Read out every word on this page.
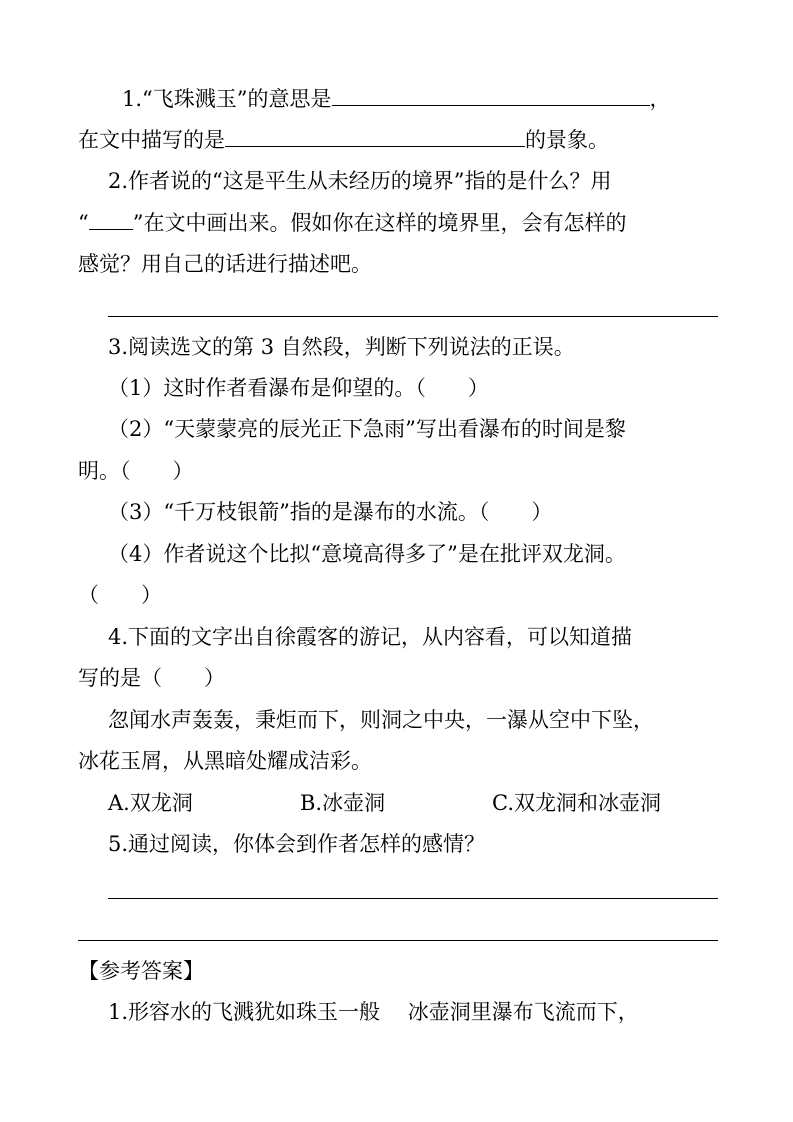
1.“飞珠溅玉”的意思是	，
在文中描写的是	的景象。
2.作者说的“这是平生从未经历的境界”指的是什么？用
“ ”在文中画出来。假如你在这样的境界里，会有怎样的
感觉？用自己的话进行描述吧。
3.阅读选文的第 3 自然段，判断下列说法的正误。
（1）这时作者看瀑布是仰望的。（　　）
（2）“天蒙蒙亮的辰光正下急雨”写出看瀑布的时间是黎
明。（　　）
（3）“千万枝银箭”指的是瀑布的水流。（　　）
（4）作者说这个比拟“意境高得多了”是在批评双龙洞。
（　　）
4.下面的文字出自徐霞客的游记，从内容看，可以知道描
写的是（　　）
忽闻水声轰轰，秉炬而下，则洞之中央，一瀑从空中下坠，
冰花玉屑，从黑暗处耀成洁彩。
A.双龙洞	B.冰壶洞	C.双龙洞和冰壶洞
5.通过阅读，你体会到作者怎样的感情？
【参考答案】
1.形容水的飞溅犹如珠玉一般　 冰壶洞里瀑布飞流而下，
